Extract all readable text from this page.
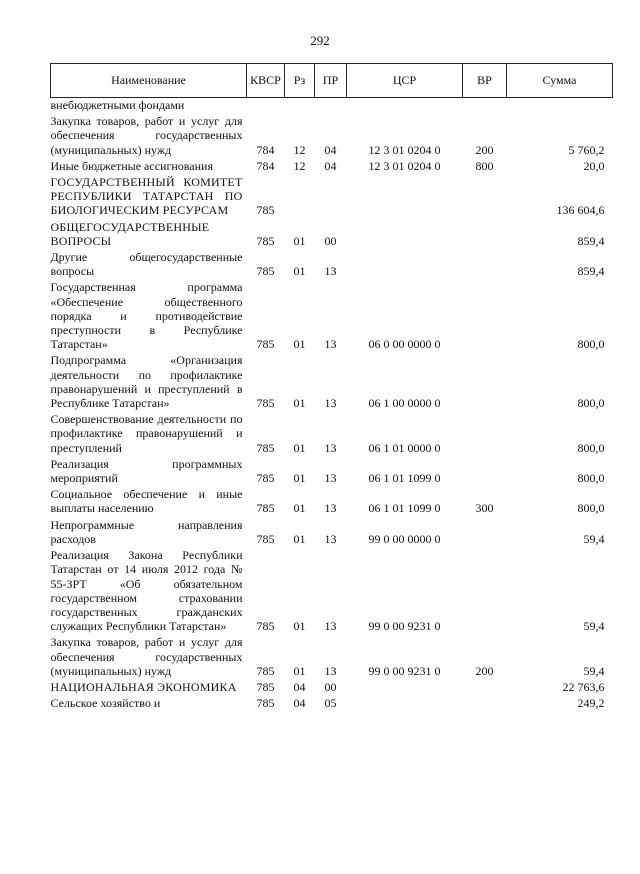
292
Наименование	КВСР	Рз	ПР	ЦСР	ВР	Сумма
внебюджетными фондами						
Закупка товаров, работ и услуг для обеспечения государственных (муниципальных) нужд	784	12	04	12 3 01 0204 0	200	5 760,2
Иные бюджетные ассигнования	784	12	04	12 3 01 0204 0	800	20,0
ГОСУДАРСТВЕННЫЙ КОМИТЕТ РЕСПУБЛИКИ ТАТАРСТАН ПО БИОЛОГИЧЕСКИМ РЕСУРСАМ	785					136 604,6
ОБЩЕГОСУДАРСТВЕННЫЕ ВОПРОСЫ	785	01	00			859,4
Другие общегосударственные вопросы	785	01	13			859,4
Государственная программа «Обеспечение общественного порядка и противодействие преступности в Республике Татарстан»	785	01	13	06 0 00 0000 0		800,0
Подпрограмма «Организация деятельности по профилактике правонарушений и преступлений в Республике Татарстан»	785	01	13	06 1 00 0000 0		800,0
Совершенствование деятельности по профилактике правонарушений и преступлений	785	01	13	06 1 01 0000 0		800,0
Реализация программных мероприятий	785	01	13	06 1 01 1099 0		800,0
Социальное обеспечение и иные выплаты населению	785	01	13	06 1 01 1099 0	300	800,0
Непрограммные направления расходов	785	01	13	99 0 00 0000 0		59,4
Реализация Закона Республики Татарстан от 14 июля 2012 года № 55-ЗРТ «Об обязательном государственном страховании государственных гражданских служащих Республики Татарстан»	785	01	13	99 0 00 9231 0		59,4
Закупка товаров, работ и услуг для обеспечения государственных (муниципальных) нужд	785	01	13	99 0 00 9231 0	200	59,4
НАЦИОНАЛЬНАЯ ЭКОНОМИКА	785	04	00			22 763,6
Сельское хозяйство и	785	04	05			249,2
